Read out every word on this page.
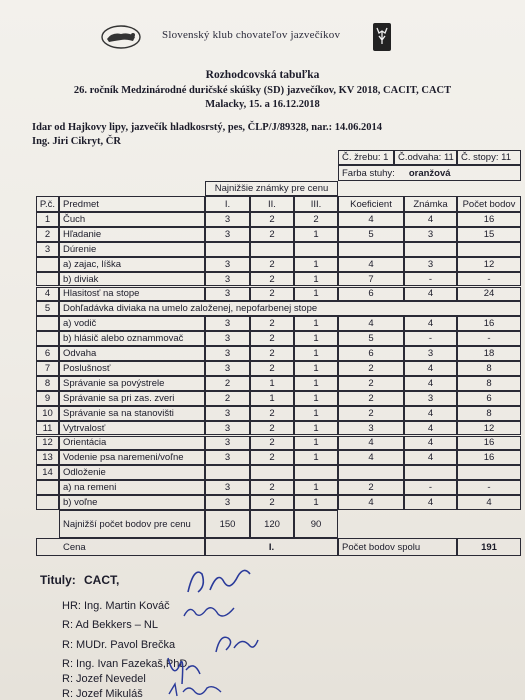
Slovenský klub chovateľov jazvečíkov
Rozhodcovská tabuľka
26. ročník Medzinárodné duričské skúšky (SD) jazvečíkov, KV 2018, CACIT, CACT
Malacky, 15. a 16.12.2018
Idar od Hajkovy lipy, jazvečík hladkosrstý, pes, ČLP/J/89328, nar.: 14.06.2014
Ing. Jiri Cikryt, ČR
Č. žrebu: 1	Č.odvaha: 11 Č. stopy: 11
Farba stuhy: oranžová
Najnižšie známky pre cenu
P.č. Predmet	I.	II.	III.	Koeficient	Známka	Počet bodov
1	Čuch	3	2	2	4	4	16
2	Hľadanie	3	2	1	5	3	15
3	Dúrenie
a) zajac, líška	3	2	1	4	3	12
b) diviak	3	2	1	7	-	-
4	Hlasitosť na stope	3	2	1	6	4	24
5	Dohľadávka diviaka na umelo založenej, nepofarbenej stope
a) vodič	3	2	1	4	4	16
b) hlásič alebo oznammovač	3	2	1	5	-	-
6	Odvaha	3	2	1	6	3	18
7	Poslušnosť	3	2	1	2	4	8
8	Správanie sa povýstrele	2	1	1	2	4	8
9	Správanie sa pri zas. zveri	2	1	1	2	3	6
10	Správanie sa na stanovišti	3	2	1	2	4	8
11	Vytrvalosť	3	2	1	3	4	12
12	Orientácia	3	2	1	4	4	16
13	Vodenie psa naremeni/voľne	3	2	1	4	4	16
14	Odloženie
a) na remeni	3	2	1	2	-	-
b) voľne	3	2	1	4	4	4
Najnižší počet bodov pre cenu	150	120	90
Cena	I.	Počet bodov spolu	191
Tituly: CACT,
HR: Ing. Martin Kováč
R: Ad Bekkers – NL
R: MUDr. Pavol Brečka
R: Ing. Ivan Fazekaš,PhD.
R: Jozef Nevedel
R: Jozef Mikuláš
